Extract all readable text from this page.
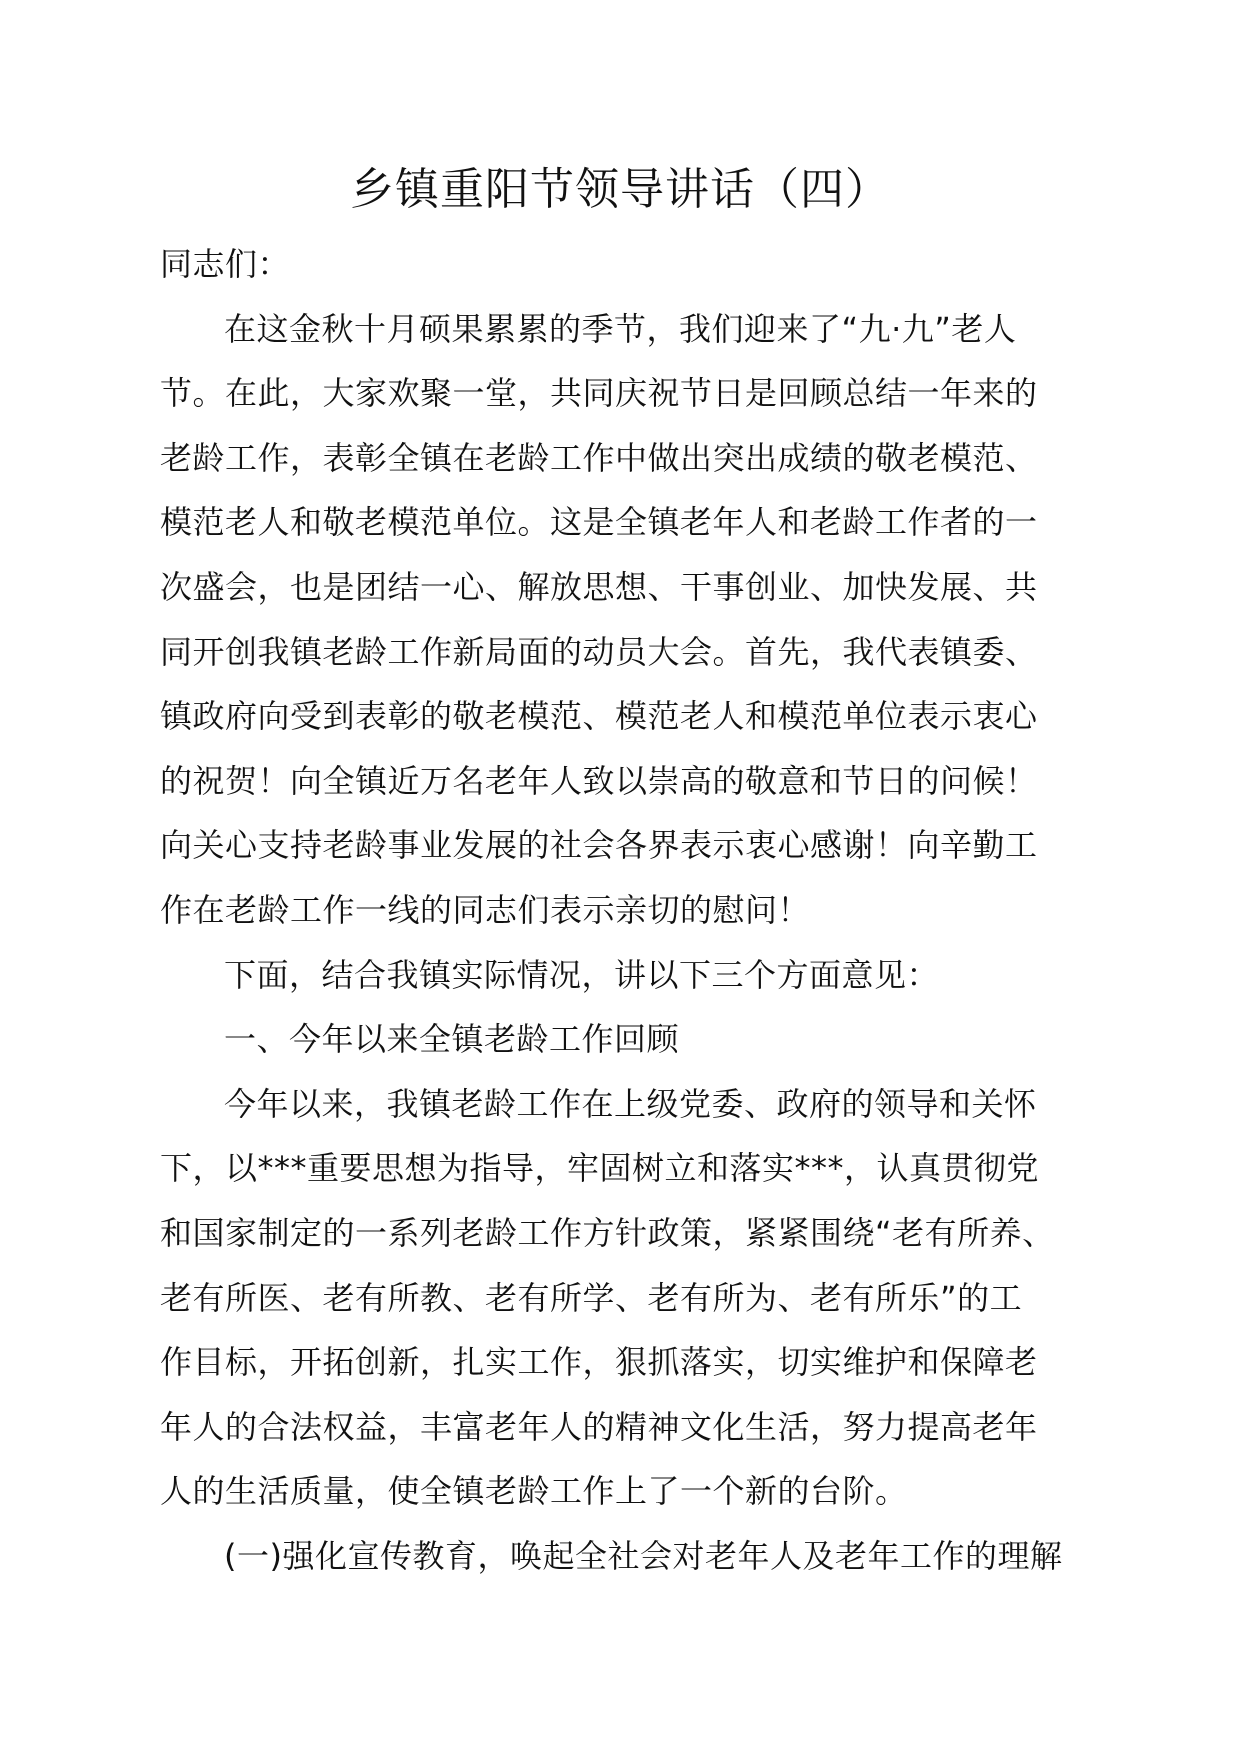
乡镇重阳节领导讲话（四）
同志们：
在这金秋十月硕果累累的季节，我们迎来了“九·九”老人
节。在此，大家欢聚一堂，共同庆祝节日是回顾总结一年来的
老龄工作，表彰全镇在老龄工作中做出突出成绩的敬老模范、
模范老人和敬老模范单位。这是全镇老年人和老龄工作者的一
次盛会，也是团结一心、解放思想、干事创业、加快发展、共
同开创我镇老龄工作新局面的动员大会。首先，我代表镇委、
镇政府向受到表彰的敬老模范、模范老人和模范单位表示衷心
的祝贺！向全镇近万名老年人致以崇高的敬意和节日的问候！
向关心支持老龄事业发展的社会各界表示衷心感谢！向辛勤工
作在老龄工作一线的同志们表示亲切的慰问！
下面，结合我镇实际情况，讲以下三个方面意见：
一、今年以来全镇老龄工作回顾
今年以来，我镇老龄工作在上级党委、政府的领导和关怀
下，以***重要思想为指导，牢固树立和落实***，认真贯彻党
和国家制定的一系列老龄工作方针政策，紧紧围绕“老有所养、
老有所医、老有所教、老有所学、老有所为、老有所乐”的工
作目标，开拓创新，扎实工作，狠抓落实，切实维护和保障老
年人的合法权益，丰富老年人的精神文化生活，努力提高老年
人的生活质量，使全镇老龄工作上了一个新的台阶。
(一)强化宣传教育，唤起全社会对老年人及老年工作的理解
